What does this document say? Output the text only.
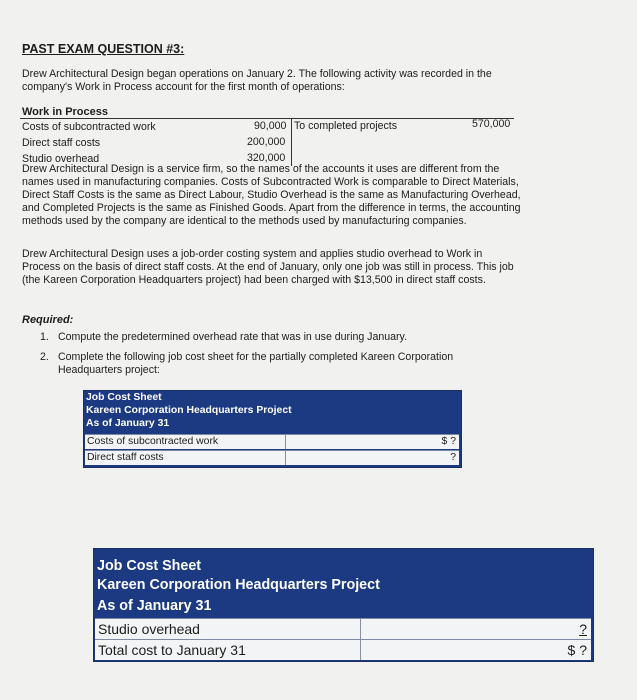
PAST EXAM QUESTION #3:
Drew Architectural Design began operations on January 2. The following activity was recorded in the company's Work in Process account for the first month of operations:
Work in Process
Costs of subcontracted work	90,000 To completed projects	570,000
Direct staff costs	200,000
Studio overhead	320,000
Drew Architectural Design is a service firm, so the names of the accounts it uses are different from the names used in manufacturing companies. Costs of Subcontracted Work is comparable to Direct Materials, Direct Staff Costs is the same as Direct Labour, Studio Overhead is the same as Manufacturing Overhead, and Completed Projects is the same as Finished Goods. Apart from the difference in terms, the accounting methods used by the company are identical to the methods used by manufacturing companies.
Drew Architectural Design uses a job-order costing system and applies studio overhead to Work in Process on the basis of direct staff costs. At the end of January, only one job was still in process. This job (the Kareen Corporation Headquarters project) had been charged with $13,500 in direct staff costs.
Required:
1. Compute the predetermined overhead rate that was in use during January.
2. Complete the following job cost sheet for the partially completed Kareen Corporation Headquarters project:
Job Cost Sheet
Kareen Corporation Headquarters Project
As of January 31
Costs of subcontracted work	$ ?
Direct staff costs	?
Job Cost Sheet
Kareen Corporation Headquarters Project
As of January 31
Studio overhead	?
Total cost to January 31	$ ?
